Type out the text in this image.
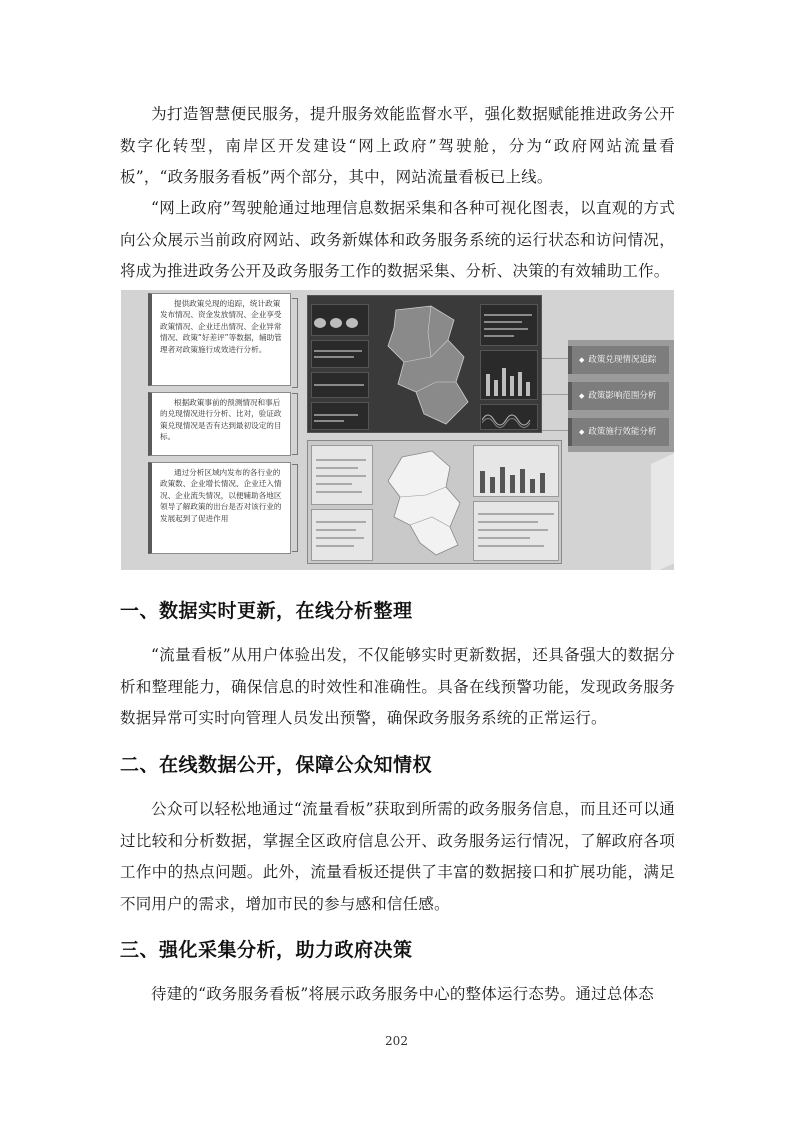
为打造智慧便民服务，提升服务效能监督水平，强化数据赋能推进政务公开数字化转型，南岸区开发建设“网上政府”驾驶舱，分为“政府网站流量看板”，“政务服务看板”两个部分，其中，网站流量看板已上线。
“网上政府”驾驶舱通过地理信息数据采集和各种可视化图表，以直观的方式向公众展示当前政府网站、政务新媒体和政务服务系统的运行状态和访问情况，将成为推进政务公开及政务服务工作的数据采集、分析、决策的有效辅助工作。
提供政策兑现的追踪，统计政策发布情况、资金发放情况、企业享受政策情况、企业迁出情况、企业异常情况、政策“好差评”等数据，辅助管理者对政策施行成效进行分析。
根据政策事前的预测情况和事后的兑现情况进行分析、比对，验证政策兑现情况是否有达到最初设定的目标。
通过分析区域内发布的各行业的政策数、企业增长情况、企业迁入情况、企业流失情况，以便辅助各地区领导了解政策的出台是否对该行业的发展起到了促进作用
◆ 政策兑现情况追踪
◆ 政策影响范围分析
◆ 政策施行效能分析
一、数据实时更新，在线分析整理
“流量看板”从用户体验出发，不仅能够实时更新数据，还具备强大的数据分析和整理能力，确保信息的时效性和准确性。具备在线预警功能，发现政务服务数据异常可实时向管理人员发出预警，确保政务服务系统的正常运行。
二、在线数据公开，保障公众知情权
公众可以轻松地通过“流量看板”获取到所需的政务服务信息，而且还可以通过比较和分析数据，掌握全区政府信息公开、政务服务运行情况，了解政府各项工作中的热点问题。此外，流量看板还提供了丰富的数据接口和扩展功能，满足不同用户的需求，增加市民的参与感和信任感。
三、强化采集分析，助力政府决策
待建的“政务服务看板”将展示政务服务中心的整体运行态势。通过总体态
202
